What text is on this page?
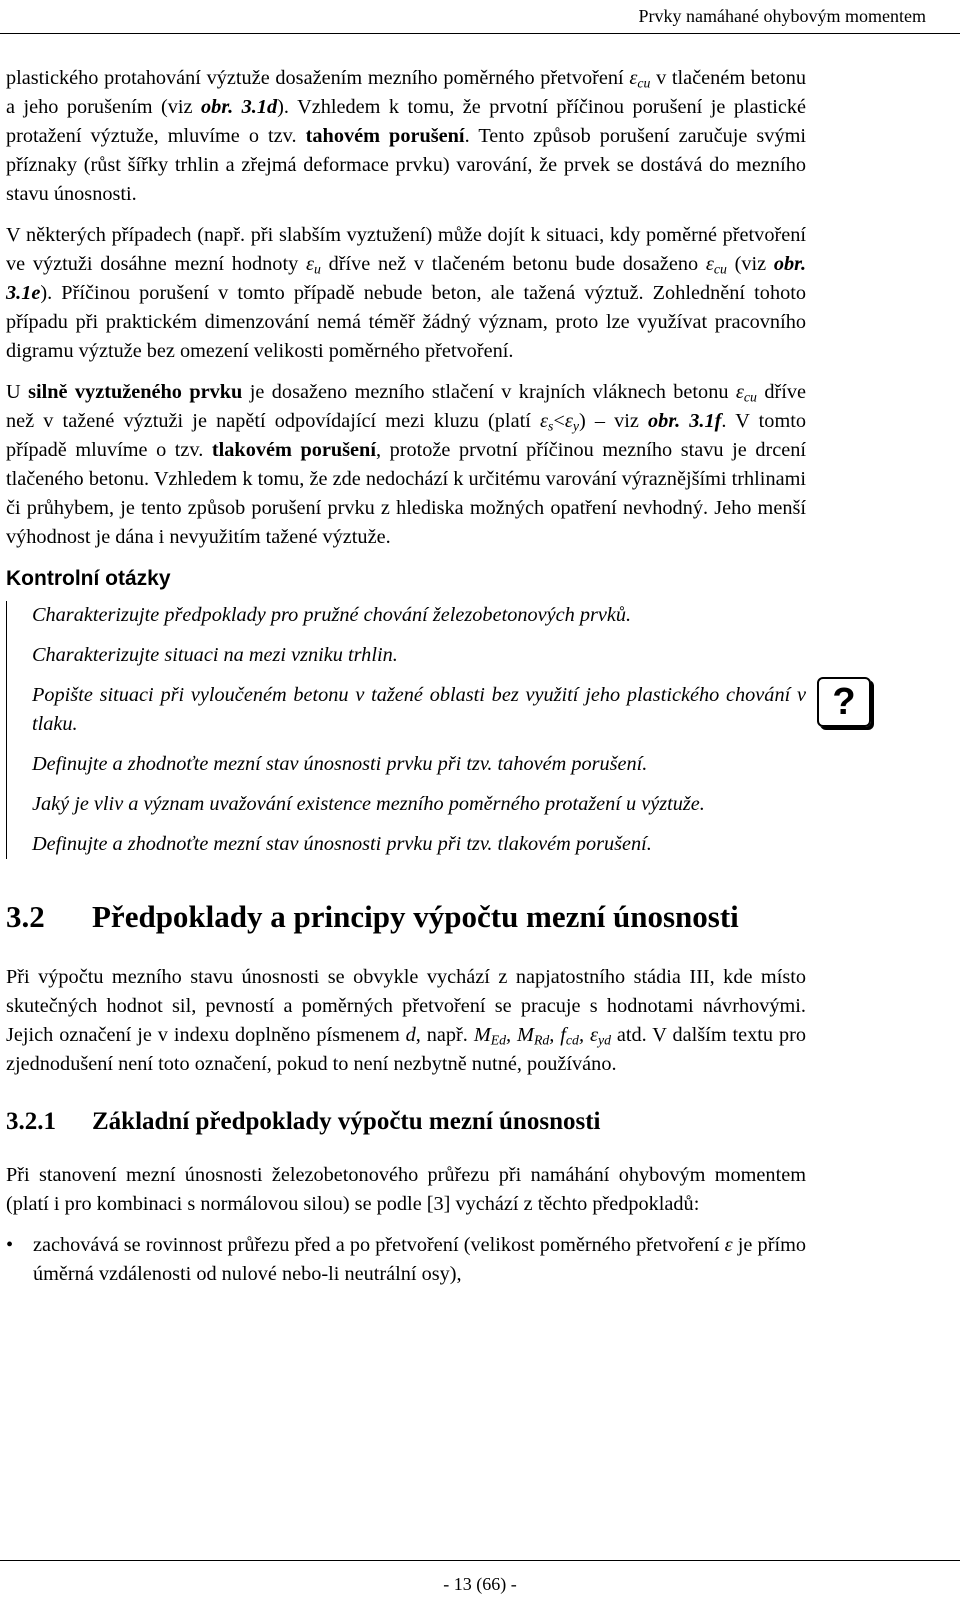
Prvky namáhané ohybovým momentem

plastického protahování výztuže dosažením mezního poměrného přetvoření $\varepsilon_{cu}$ v tlačeném betonu a jeho porušením (viz obr. 3.1d). Vzhledem k tomu, že prvotní příčinou porušení je plastické protažení výztuže, mluvíme o tzv. tahovém porušení. Tento způsob porušení zaručuje svými příznaky (růst šířky trhlin a zřejmá deformace prvku) varování, že prvek se dostává do mezního stavu únosnosti.

V některých případech (např. při slabším vyztužení) může dojít k situaci, kdy poměrné přetvoření ve výztuži dosáhne mezní hodnoty $\varepsilon_u$ dříve než v tlačeném betonu bude dosaženo $\varepsilon_{cu}$ (viz obr. 3.1e). Příčinou porušení v tomto případě nebude beton, ale tažená výztuž. Zohlednění tohoto případu při praktickém dimenzování nemá téměř žádný význam, proto lze využívat pracovního digramu výztuže bez omezení velikosti poměrného přetvoření.

U silně vyztuženého prvku je dosaženo mezního stlačení v krajních vláknech betonu $\varepsilon_{cu}$ dříve než v tažené výztuži je napětí odpovídající mezi kluzu (platí $\varepsilon_s<\varepsilon_y$) – viz obr. 3.1f. V tomto případě mluvíme o tzv. tlakovém porušení, protože prvotní příčinou mezního stavu je drcení tlačeného betonu. Vzhledem k tomu, že zde nedochází k určitému varování výraznějšími trhlinami či průhybem, je tento způsob porušení prvku z hlediska možných opatření nevhodný. Jeho menší výhodnost je dána i nevyužitím tažené výztuže.

Kontrolní otázky

Charakterizujte předpoklady pro pružné chování železobetonových prvků.

Charakterizujte situaci na mezi vzniku trhlin.

Popište situaci při vyloučeném betonu v tažené oblasti bez využití jeho plastického chování v tlaku.

Definujte a zhodnoťte mezní stav únosnosti prvku při tzv. tahovém porušení.

Jaký je vliv a význam uvažování existence mezního poměrného protažení u výztuže.

Definujte a zhodnoťte mezní stav únosnosti prvku při tzv. tlakovém porušení.

3.2 Předpoklady a principy výpočtu mezní únosnosti

Při výpočtu mezního stavu únosnosti se obvykle vychází z napjatostního stádia III, kde místo skutečných hodnot sil, pevností a poměrných přetvoření se pracuje s hodnotami návrhovými. Jejich označení je v indexu doplněno písmenem d, např. $M_{Ed}$, $M_{Rd}$, $f_{cd}$, $\varepsilon_{yd}$ atd. V dalším textu pro zjednodušení není toto označení, pokud to není nezbytně nutné, používáno.

3.2.1 Základní předpoklady výpočtu mezní únosnosti

Při stanovení mezní únosnosti železobetonového průřezu při namáhání ohybovým momentem (platí i pro kombinaci s normálovou silou) se podle [3] vychází z těchto předpokladů:

• zachovává se rovinnost průřezu před a po přetvoření (velikost poměrného přetvoření ε je přímo úměrná vzdálenosti od nulové nebo-li neutrální osy),
?
- 13 (66) -
